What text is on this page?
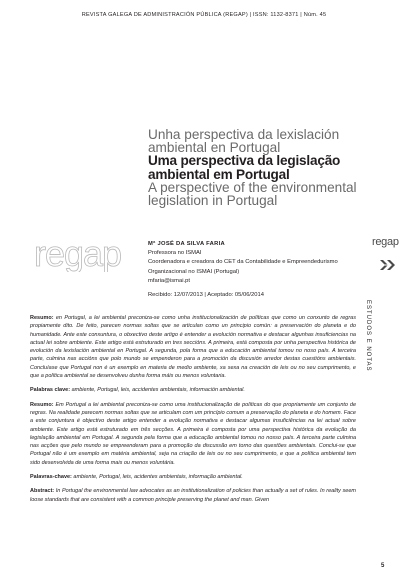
REVISTA GALEGA DE ADMINISTRACIÓN PÚBLICA (REGAP) | ISSN: 1132-8371 | Núm. 45
Unha perspectiva da lexislación
ambiental en Portugal
Uma perspectiva da legislação
ambiental em Portugal
A perspective of the environmental
legislation in Portugal
regap	Mª JOSÉ DA SILVA FARIA
Professora no ISMAI
Coordenadora e creadora do CET da Contabilidade e Empreendedurismo
Organizacional no ISMAI (Portugal)
mfaria@ismai.pt
Recibido: 12/07/2013 | Aceptado: 05/06/2014
regap
ESTUDOS E NOTAS

Resumo: en Portugal, a lei ambiental preconiza-se como unha institucionalización de políticas que como un conxunto de regras propiamente dito. De feito, parecen normas soltas que se articulan como un principio común: a preservación do planeta e do humanidade. Ante este conxuntura, o obxectivo deste artigo é entender a evolución normativa e destacar algunhas insuficiencias na actual lei sobre ambiente. Este artigo está estruturado en tres seccións. A primeira, está composta por unha perspectiva histórica de evolución da lexislación ambiental en Portugal. A segunda, pola forma que a educación ambiental tomou no noso país. A terceira parte, culmina nas accións que polo mundo se empenderon para a promoción da discusión arredor destas cuestións ambientais. Concluíase que Portugal non é un exemplo en materia de medio ambiente, xa sexa na creación de leis ou no seu cumprimento, e que a política ambiental se desenvolveu dunha forma máis ou menos voluntaria.

Palabras clave: ambiente, Portugal, leis, accidentes ambientais, información ambiental.

Resumo: Em Portugal a lei ambiental preconiza-se como uma institucionalização de políticas do que propriamente um conjunto de regras. Na realidade parecem normas soltas que se articulam com um princípio comum a preservação do planeta e do homem. Face a este conjuntura é objectivo deste artigo entender a evolução normativa e destacar algumas insuficiências na lei actual sobre ambiente. Este artigo está estruturado em três secções. A primeira é composta por uma perspectiva histórica da evolução da legislação ambiental em Portugal. A segunda pela forma que a educação ambiental tomou no nosso país. A terceira parte culmina nas acções que pelo mundo se empreenderam para a promoção da discussão em torno das questões ambientais. Conclui-se que Portugal não é um exemplo em matéria ambiental, seja na criação de leis ou no seu cumprimento, e que a política ambiental tem sido desenvolvida de uma forma mais ou menos voluntária.

Palavras-chave: ambiente, Portugal, leis, acidentes ambientais, informação ambiental.

Abstract: In Portugal the environmental law advocates as an institutionalization of policies than actually a set of rules. In reality seem loose standards that are consistent with a common principle preserving the planet and man. Given

5
